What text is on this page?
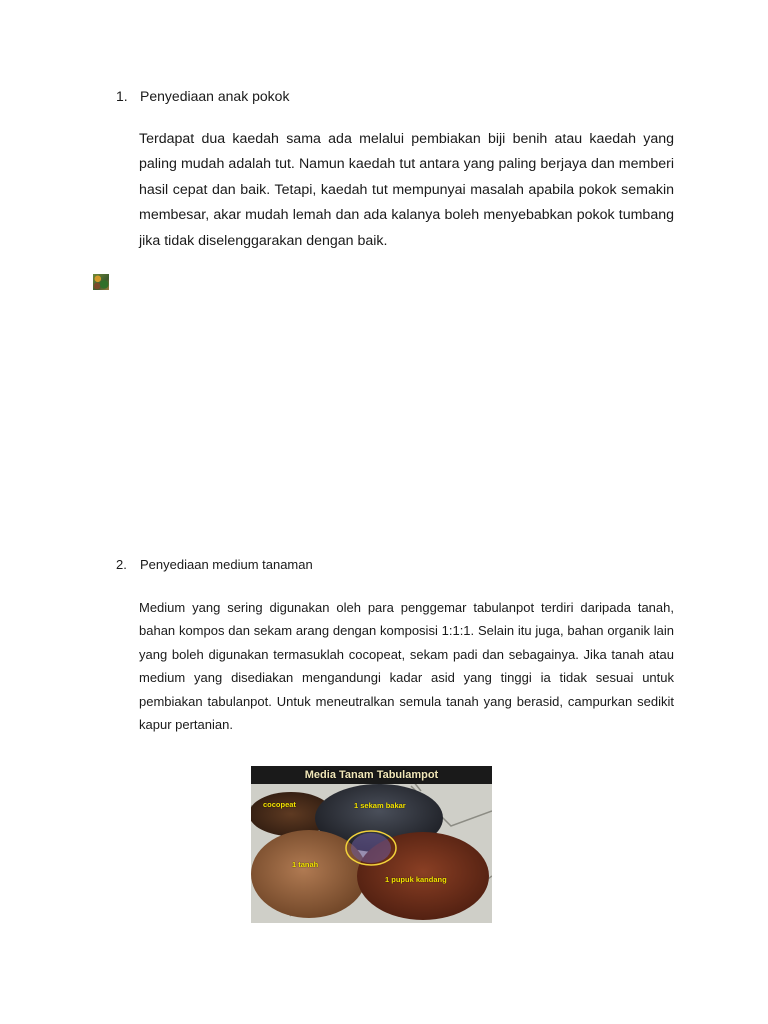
1. Penyediaan anak pokok
Terdapat dua kaedah sama ada melalui pembiakan biji benih atau kaedah yang paling mudah adalah tut. Namun kaedah tut antara yang paling berjaya dan memberi hasil cepat dan baik. Tetapi, kaedah tut mempunyai masalah apabila pokok semakin membesar, akar mudah lemah dan ada kalanya boleh menyebabkan pokok tumbang jika tidak diselenggarakan dengan baik.
2. Penyediaan medium tanaman
Medium yang sering digunakan oleh para penggemar tabulanpot terdiri daripada tanah, bahan kompos dan sekam arang dengan komposisi 1:1:1. Selain itu juga, bahan organik lain yang boleh digunakan termasuklah cocopeat, sekam padi dan sebagainya. Jika tanah atau medium yang disediakan mengandungi kadar asid yang tinggi ia tidak sesuai untuk pembiakan tabulanpot. Untuk meneutralkan semula tanah yang berasid, campurkan sedikit kapur pertanian.
Media Tanam Tabulampot
cocopeat	1 sekam bakar
1 tanah
1 pupuk kandang
